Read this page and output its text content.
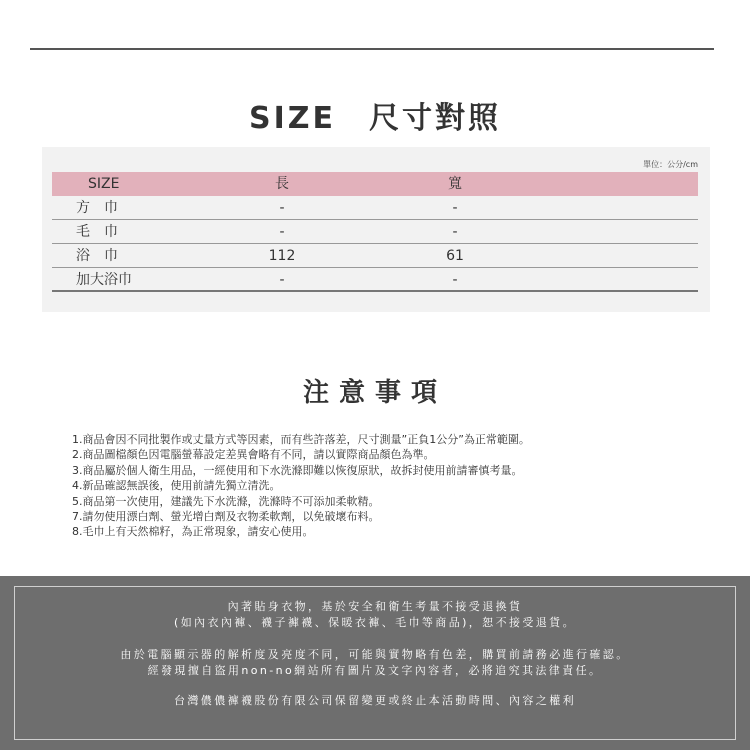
SIZE　尺寸對照
單位：公分/cm
SIZE	長	寬
方　巾	-	-
毛　巾	-	-
浴　巾	112	61
加大浴巾	-	-
注意事項
1.商品會因不同批製作或丈量方式等因素，而有些許落差，尺寸測量”正負1公分”為正常範圍。
2.商品圖檔顏色因電腦螢幕設定差異會略有不同，請以實際商品顏色為準。
3.商品屬於個人衛生用品，一經使用和下水洗滌即難以恢復原狀，故拆封使用前請審慎考量。
4.新品確認無誤後，使用前請先獨立清洗。
5.商品第一次使用，建議先下水洗滌，洗滌時不可添加柔軟精。
7.請勿使用漂白劑、螢光增白劑及衣物柔軟劑，以免破壞布料。
8.毛巾上有天然棉籽，為正常現象，請安心使用。
內著貼身衣物，基於安全和衛生考量不接受退換貨
(如內衣內褲、襪子褲襪、保暖衣褲、毛巾等商品)，恕不接受退貨。
由於電腦顯示器的解析度及亮度不同，可能與實物略有色差，購買前請務必進行確認。
經發現擅自盜用non-no網站所有圖片及文字內容者，必將追究其法律責任。
台灣儂儂褲襪股份有限公司保留變更或終止本活動時間、內容之權利
